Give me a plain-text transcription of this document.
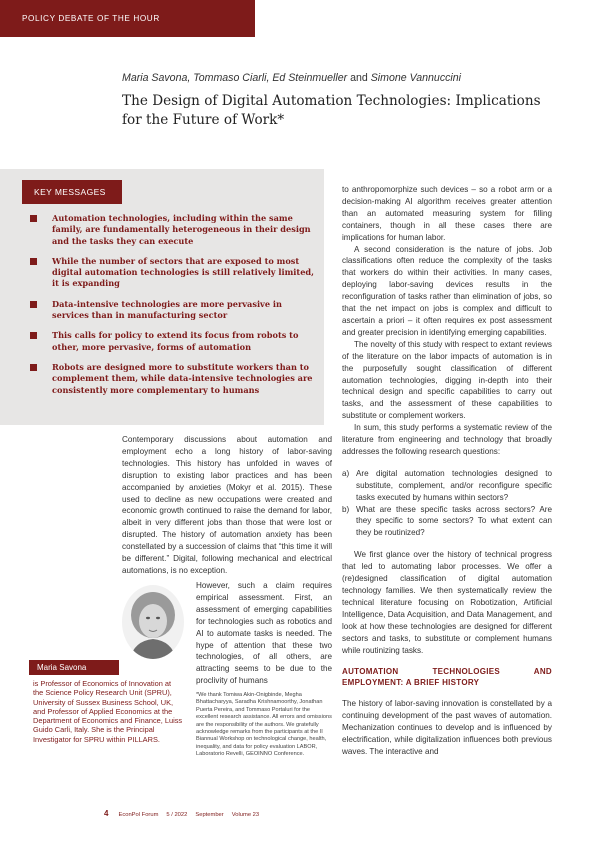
POLICY DEBATE OF THE HOUR
Maria Savona, Tommaso Ciarli, Ed Steinmueller and Simone Vannuccini
The Design of Digital Automation Technologies: Implications for the Future of Work*
KEY MESSAGES
Automation technologies, including within the same family, are fundamentally heterogeneous in their design and the tasks they can execute
While the number of sectors that are exposed to most digital automation technologies is still relatively limited, it is expanding
Data-intensive technologies are more pervasive in services than in manufacturing sector
This calls for policy to extend its focus from robots to other, more pervasive, forms of automation
Robots are designed more to substitute workers than to complement them, while data-intensive technologies are consistently more complementary to humans

to anthropomorphize such devices – so a robot arm or a decision-making AI algorithm receives greater attention than an automated measuring system for filling containers, though in all these cases there are implications for human labor.

A second consideration is the nature of jobs. Job classifications often reduce the complexity of the tasks that workers do within their activities. In many cases, deploying labor-saving devices results in the reconfiguration of tasks rather than elimination of jobs, so that the net impact on jobs is complex and difficult to ascertain a priori – it often requires ex post assessment and greater precision in identifying emerging capabilities.

The novelty of this study with respect to extant reviews of the literature on the labor impacts of automation is in the purposefully sought classification of different automation technologies, digging in-depth into their technical design and specific capabilities to carry out tasks, and the assessment of these capabilities to substitute or complement workers.

In sum, this study performs a systematic review of the literature from engineering and technology that broadly addresses the following research questions:

a) Are digital automation technologies designed to substitute, complement, and/or reconfigure specific tasks executed by humans within sectors?
b) What are these specific tasks across sectors? Are they specific to some sectors? To what extent can they be routinized?

We first glance over the history of technical progress that led to automating labor processes. We offer a (re)designed classification of digital automation technology families. We then systematically review the technical literature focusing on Robotization, Artificial Intelligence, Data Acquisition, and Data Management, and look at how these technologies are designed for different sectors and tasks, to substitute or complement humans while routinizing tasks.

AUTOMATION TECHNOLOGIES AND EMPLOYMENT: A BRIEF HISTORY

The history of labor-saving innovation is constellated by a continuing development of the past waves of automation. Mechanization continues to develop and is influenced by electrification, while digitalization influences both previous waves. The interactive and

Contemporary discussions about automation and employment echo a long history of labor-saving technologies. This history has unfolded in waves of disruption to existing labor practices and has been accompanied by anxieties (Mokyr et al. 2015). These used to decline as new occupations were created and economic growth continued to raise the demand for labor, albeit in very different jobs than those that were lost or disrupted. The history of automation anxiety has been constellated by a succession of claims that “this time it will be different.” Digital, following mechanical and electrical automations, is no exception.

However, such a claim requires empirical assessment. First, an assessment of emerging capabilities for technologies such as robotics and AI to automate tasks is needed. The hype of attention that these two technologies, of all others, are attracting seems to be due to the proclivity of humans

*We thank Tomiwa Akin-Onigbinde, Megha Bhattacharyya, Saradha Krishnamoorthy, Jonathan Puerta Pereira, and Tommaso Portaluri for the excellent research assistance. All errors and omissions are the responsibility of the authors. We gratefully acknowledge remarks from the participants at the II Biannual Workshop on technological change, health, inequality, and data for policy evaluation LABOR, Laboratorio Revelli, GEOINNO Conference.
Maria Savona
is Professor of Economics of Innovation at the Science Policy Research Unit (SPRU), University of Sussex Business School, UK, and Professor of Applied Economics at the Department of Economics and Finance, Luiss Guido Carli, Italy. She is the Principal Investigator for SPRU within PILLARS.
4 EconPol Forum 5 / 2022 September Volume 23
